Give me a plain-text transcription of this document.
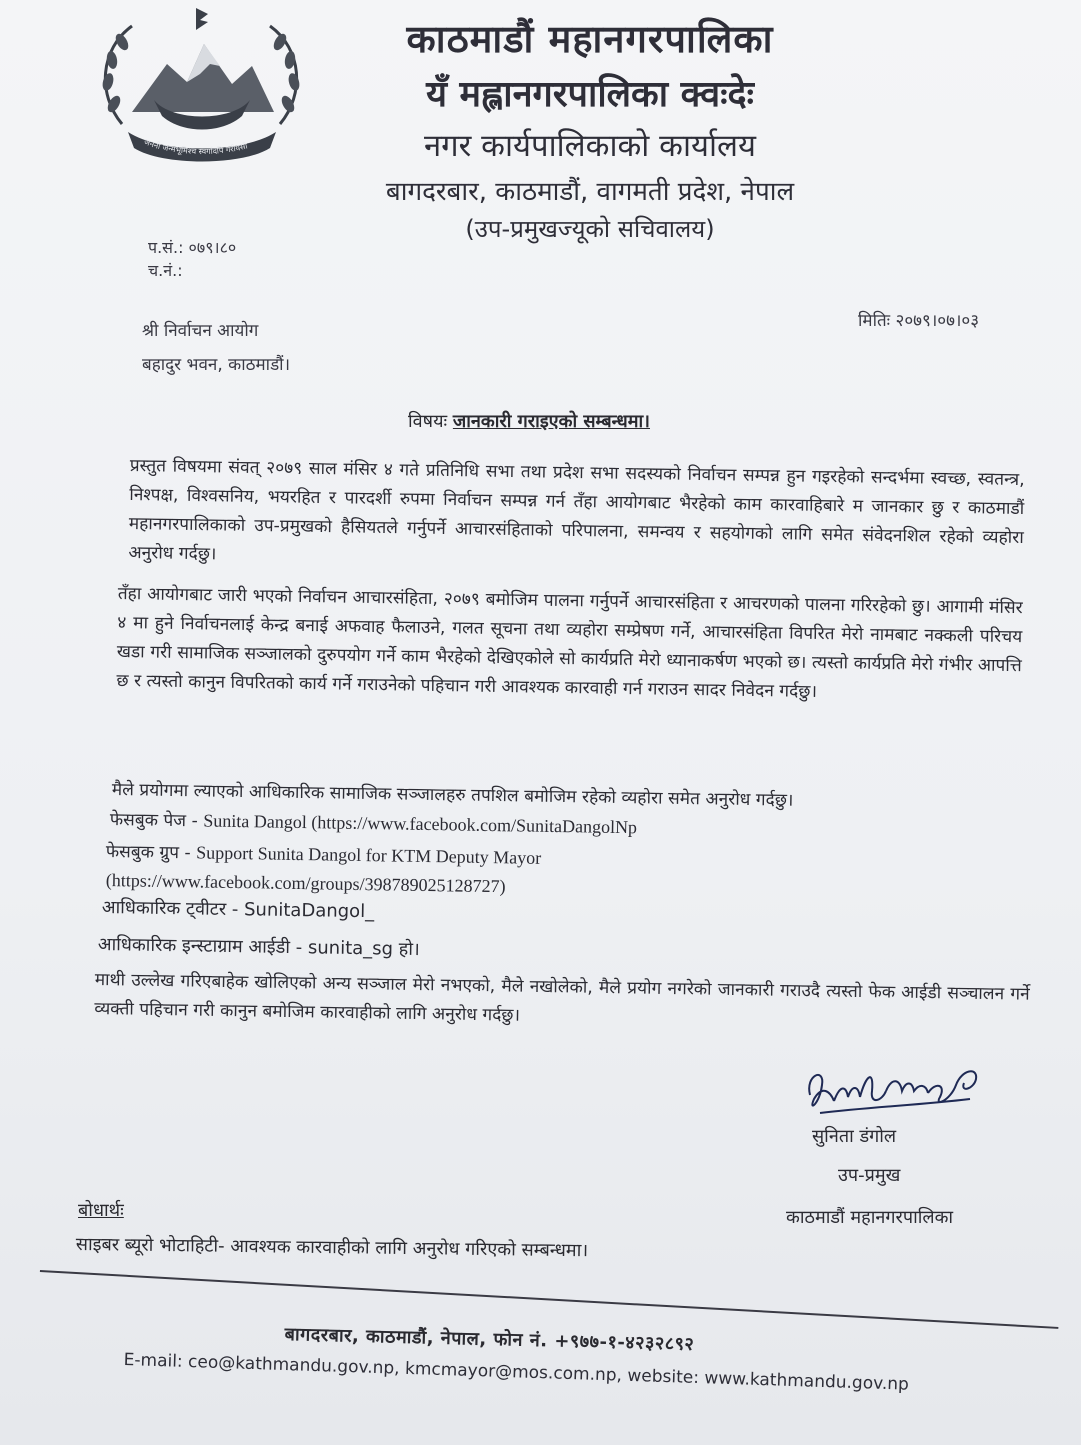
जननी जन्मभूमिश्च स्वर्गादपि गरीयसी
काठमाडौं महानगरपालिका
यँ मह्लानगरपालिका क्वःदेः
नगर कार्यपालिकाको कार्यालय
बागदरबार, काठमाडौं, वागमती प्रदेश, नेपाल
(उप-प्रमुखज्यूको सचिवालय)
प.सं.: ०७९।८०
च.नं.:
मितिः २०७९।०७।०३
श्री निर्वाचन आयोग
बहादुर भवन, काठमाडौं।
विषयः जानकारी गराइएको सम्बन्धमा।
प्रस्तुत विषयमा संवत् २०७९ साल मंसिर ४ गते प्रतिनिधि सभा तथा प्रदेश सभा सदस्यको निर्वाचन सम्पन्न हुन गइरहेको सन्दर्भमा स्वच्छ, स्वतन्त्र, निश्पक्ष, विश्वसनिय, भयरहित र पारदर्शी रुपमा निर्वाचन सम्पन्न गर्न तँहा आयोगबाट भैरहेको काम कारवाहिबारे म जानकार छु र काठमाडौं महानगरपालिकाको उप-प्रमुखको हैसियतले गर्नुपर्ने आचारसंहिताको परिपालना, समन्वय र सहयोगको लागि समेत संवेदनशिल रहेको व्यहोरा अनुरोध गर्दछु।
तँहा आयोगबाट जारी भएको निर्वाचन आचारसंहिता, २०७९ बमोजिम पालना गर्नुपर्ने आचारसंहिता र आचरणको पालना गरिरहेको छु। आगामी मंसिर ४ मा हुने निर्वाचनलाई केन्द्र बनाई अफवाह फैलाउने, गलत सूचना तथा व्यहोरा सम्प्रेषण गर्ने, आचारसंहिता विपरित मेरो नामबाट नक्कली परिचय खडा गरी सामाजिक सञ्जालको दुरुपयोग गर्ने काम भैरहेको देखिएकोले सो कार्यप्रति मेरो ध्यानाकर्षण भएको छ। त्यस्तो कार्यप्रति मेरो गंभीर आपत्ति छ र त्यस्तो कानुन विपरितको कार्य गर्ने गराउनेको पहिचान गरी आवश्यक कारवाही गर्न गराउन सादर निवेदन गर्दछु।
मैले प्रयोगमा ल्याएको आधिकारिक सामाजिक सञ्जालहरु तपशिल बमोजिम रहेको व्यहोरा समेत अनुरोध गर्दछु।
फेसबुक पेज - Sunita Dangol (https://www.facebook.com/SunitaDangolNp
फेसबुक ग्रुप - Support Sunita Dangol for KTM Deputy Mayor
(https://www.facebook.com/groups/398789025128727)
आधिकारिक ट्वीटर - SunitaDangol_
आधिकारिक इन्स्टाग्राम आईडी - sunita_sg हो।
माथी उल्लेख गरिएबाहेक खोलिएको अन्य सञ्जाल मेरो नभएको, मैले नखोलेको, मैले प्रयोग नगरेको जानकारी गराउदै त्यस्तो फेक आईडी सञ्चालन गर्ने व्यक्ती पहिचान गरी कानुन बमोजिम कारवाहीको लागि अनुरोध गर्दछु।
सुनिता डंगोल
उप-प्रमुख
काठमाडौं महानगरपालिका
बोधार्थः
साइबर ब्यूरो भोटाहिटी- आवश्यक कारवाहीको लागि अनुरोध गरिएको सम्बन्धमा।
बागदरबार, काठमाडौं, नेपाल, फोन नं. +९७७-१-४२३२८९२
E-mail: ceo@kathmandu.gov.np, kmcmayor@mos.com.np, website: www.kathmandu.gov.np
